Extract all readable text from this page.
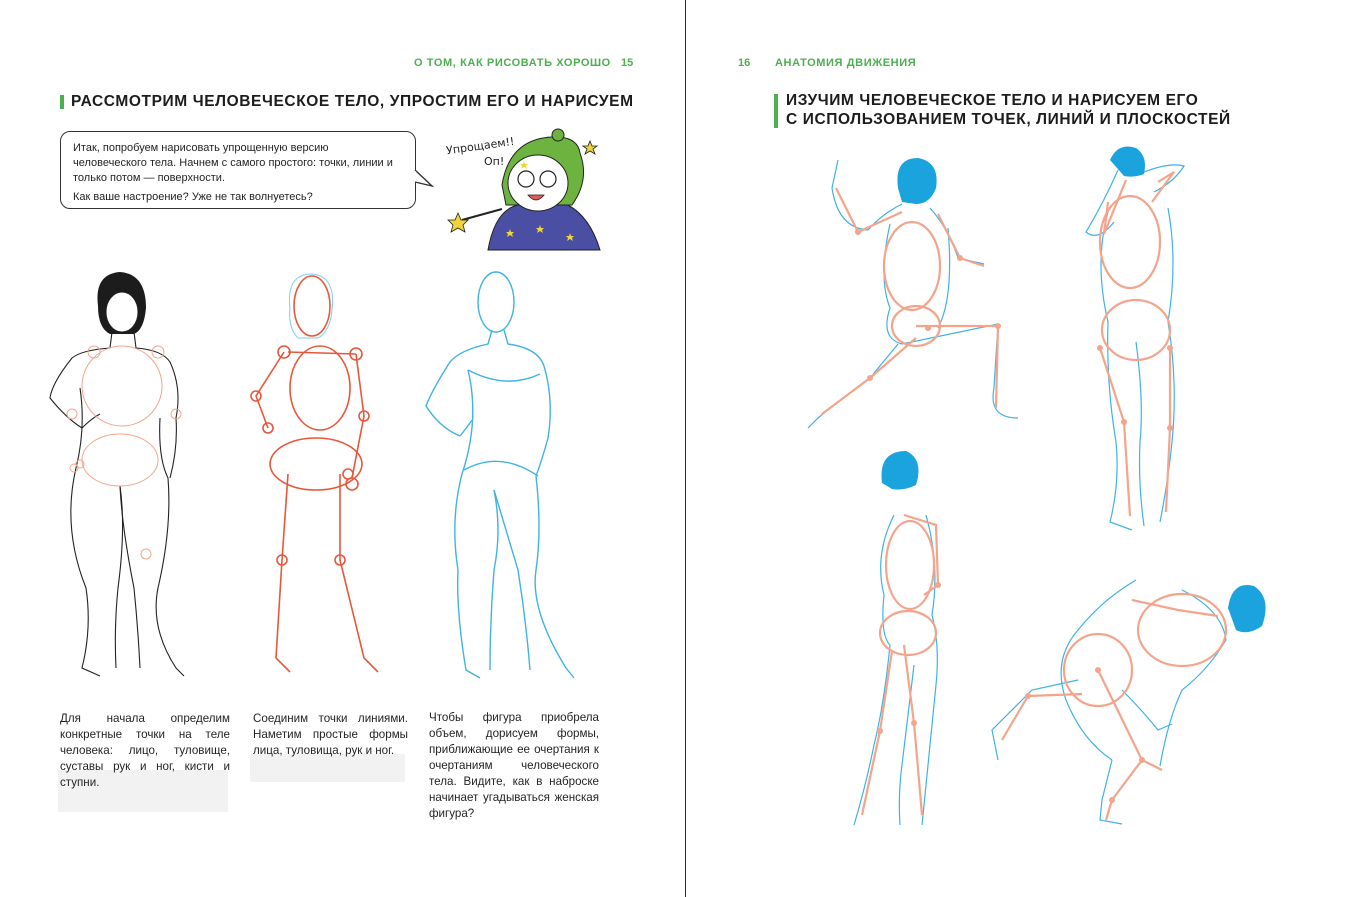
О ТОМ, КАК РИСОВАТЬ ХОРОШО 15
РАССМОТРИМ ЧЕЛОВЕЧЕСКОЕ ТЕЛО, УПРОСТИМ ЕГО И НАРИСУЕМ

Итак, попробуем нарисовать упрощенную версию человеческого тела. Начнем с самого простого: точки, линии и только потом — поверхности.

Как ваше настроение? Уже не так волнуетесь?

Упрощаем!!
Оп!
Для начала определим конкретные точки на теле человека: лицо, туловище, суставы рук и ног, кисти и ступни.
Соединим точки линиями. Наметим простые формы лица, туловища, рук и ног.
Чтобы фигура приобрела объем, дорисуем формы, приближающие ее очертания к очертаниям человеческого тела. Видите, как в наброске начинает угадываться женская фигура?
16 АНАТОМИЯ ДВИЖЕНИЯ
ИЗУЧИМ ЧЕЛОВЕЧЕСКОЕ ТЕЛО И НАРИСУЕМ ЕГО
С ИСПОЛЬЗОВАНИЕМ ТОЧЕК, ЛИНИЙ И ПЛОСКОСТЕЙ
